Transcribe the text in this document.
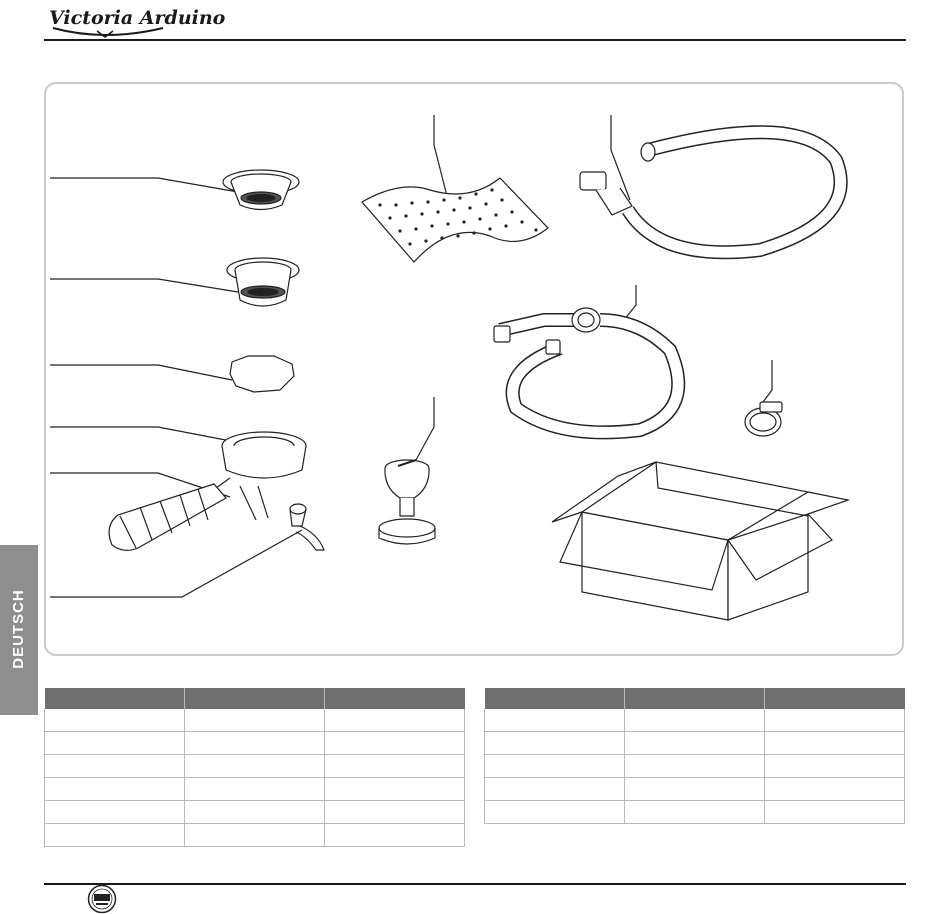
Victoria Arduino
DEUTSCH
